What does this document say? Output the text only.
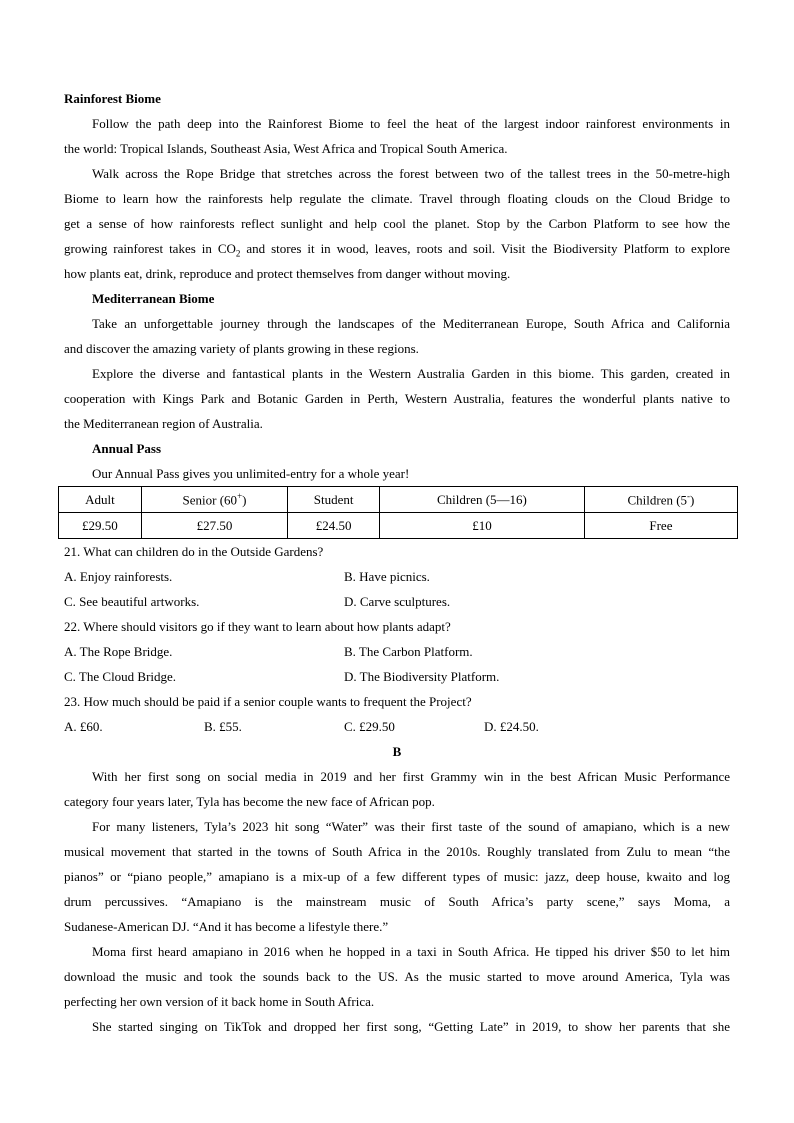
Rainforest Biome
Follow the path deep into the Rainforest Biome to feel the heat of the largest indoor rainforest environments in
the world: Tropical Islands, Southeast Asia, West Africa and Tropical South America.
Walk across the Rope Bridge that stretches across the forest between two of the tallest trees in the 50-metre-high
Biome to learn how the rainforests help regulate the climate. Travel through floating clouds on the Cloud Bridge to
get a sense of how rainforests reflect sunlight and help cool the planet. Stop by the Carbon Platform to see how the
growing rainforest takes in $CO_2$ and stores it in wood, leaves, roots and soil. Visit the Biodiversity Platform to explore
how plants eat, drink, reproduce and protect themselves from danger without moving.
Mediterranean Biome
Take an unforgettable journey through the landscapes of the Mediterranean Europe, South Africa and California
and discover the amazing variety of plants growing in these regions.
Explore the diverse and fantastical plants in the Western Australia Garden in this biome. This garden, created in
cooperation with Kings Park and Botanic Garden in Perth, Western Australia, features the wonderful plants native to
the Mediterranean region of Australia.
Annual Pass
Our Annual Pass gives you unlimited-entry for a whole year!
Adult	Senior (60+)	Student	Children (5—16)	Children (5-)
£29.50	£27.50	£24.50	£10	Free
21. What can children do in the Outside Gardens?
A. Enjoy rainforests.	B. Have picnics.
C. See beautiful artworks.	D. Carve sculptures.
22. Where should visitors go if they want to learn about how plants adapt?
A. The Rope Bridge.	B. The Carbon Platform.
C. The Cloud Bridge.	D. The Biodiversity Platform.
23. How much should be paid if a senior couple wants to frequent the Project?
A. £60.	B. £55.	C. £29.50	D. £24.50.
B
With her first song on social media in 2019 and her first Grammy win in the best African Music Performance
category four years later, Tyla has become the new face of African pop.
For many listeners, Tyla’s 2023 hit song “Water” was their first taste of the sound of amapiano, which is a new
musical movement that started in the towns of South Africa in the 2010s. Roughly translated from Zulu to mean “the
pianos” or “piano people,” amapiano is a mix-up of a few different types of music: jazz, deep house, kwaito and log
drum percussives. “Amapiano is the mainstream music of South Africa’s party scene,” says Moma, a
Sudanese-American DJ. “And it has become a lifestyle there.”
Moma first heard amapiano in 2016 when he hopped in a taxi in South Africa. He tipped his driver $50 to let him
download the music and took the sounds back to the US. As the music started to move around America, Tyla was
perfecting her own version of it back home in South Africa.
She started singing on TikTok and dropped her first song, “Getting Late” in 2019, to show her parents that she
